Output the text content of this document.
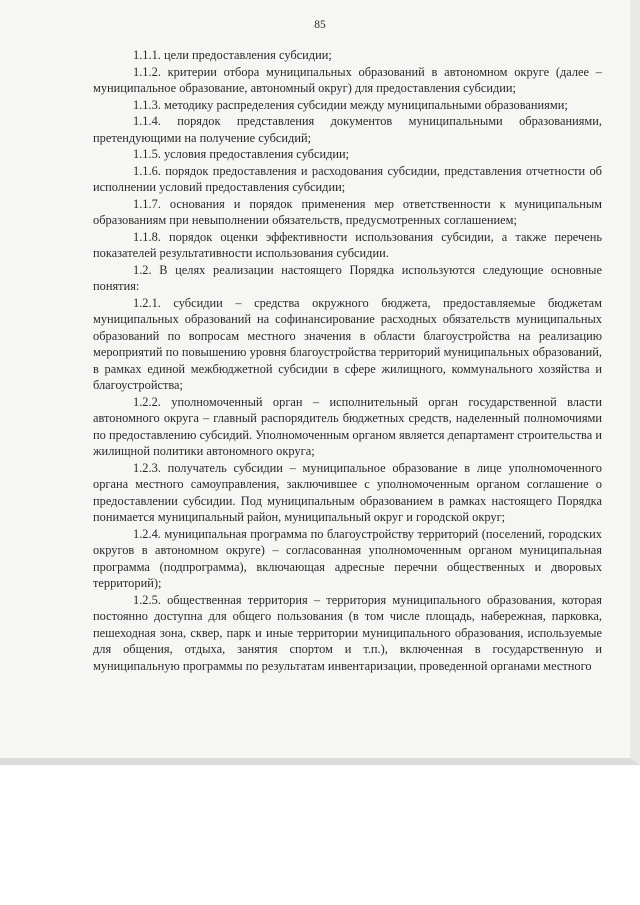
85

1.1.1. цели предоставления субсидии;

1.1.2. критерии отбора муниципальных образований в автономном округе (далее – муниципальное образование, автономный округ) для предоставления субсидии;

1.1.3. методику распределения субсидии между муниципальными образованиями;

1.1.4. порядок представления документов муниципальными образованиями, претендующими на получение субсидий;

1.1.5. условия предоставления субсидии;

1.1.6. порядок предоставления и расходования субсидии, представления отчетности об исполнении условий предоставления субсидии;

1.1.7. основания и порядок применения мер ответственности к муниципальным образованиям при невыполнении обязательств, предусмотренных соглашением;

1.1.8. порядок оценки эффективности использования субсидии, а также перечень показателей результативности использования субсидии.

1.2. В целях реализации настоящего Порядка используются следующие основные понятия:

1.2.1. субсидии – средства окружного бюджета, предоставляемые бюджетам муниципальных образований на софинансирование расходных обязательств муниципальных образований по вопросам местного значения в области благоустройства на реализацию мероприятий по повышению уровня благоустройства территорий муниципальных образований, в рамках единой межбюджетной субсидии в сфере жилищного, коммунального хозяйства и благоустройства;

1.2.2. уполномоченный орган – исполнительный орган государственной власти автономного округа – главный распорядитель бюджетных средств, наделенный полномочиями по предоставлению субсидий. Уполномоченным органом является департамент строительства и жилищной политики автономного округа;

1.2.3. получатель субсидии – муниципальное образование в лице уполномоченного органа местного самоуправления, заключившее с уполномоченным органом соглашение о предоставлении субсидии. Под муниципальным образованием в рамках настоящего Порядка понимается муниципальный район, муниципальный округ и городской округ;

1.2.4. муниципальная программа по благоустройству территорий (поселений, городских округов в автономном округе) – согласованная уполномоченным органом муниципальная программа (подпрограмма), включающая адресные перечни общественных и дворовых территорий);

1.2.5. общественная территория – территория муниципального образования, которая постоянно доступна для общего пользования (в том числе площадь, набережная, парковка, пешеходная зона, сквер, парк и иные территории муниципального образования, используемые для общения, отдыха, занятия спортом и т.п.), включенная в государственную и муниципальную программы по результатам инвентаризации, проведенной органами местного
